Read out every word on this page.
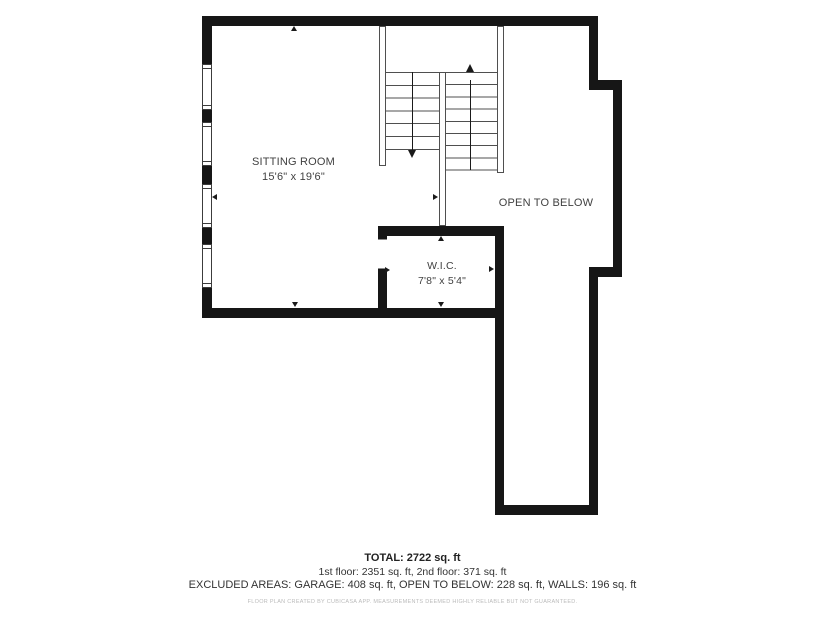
SITTING ROOM
15'6" x 19'6"
OPEN TO BELOW
W.I.C.
7'8" x 5'4"
TOTAL: 2722 sq. ft
1st floor: 2351 sq. ft, 2nd floor: 371 sq. ft
EXCLUDED AREAS: GARAGE: 408 sq. ft, OPEN TO BELOW: 228 sq. ft, WALLS: 196 sq. ft
FLOOR PLAN CREATED BY CUBICASA APP. MEASUREMENTS DEEMED HIGHLY RELIABLE BUT NOT GUARANTEED.
